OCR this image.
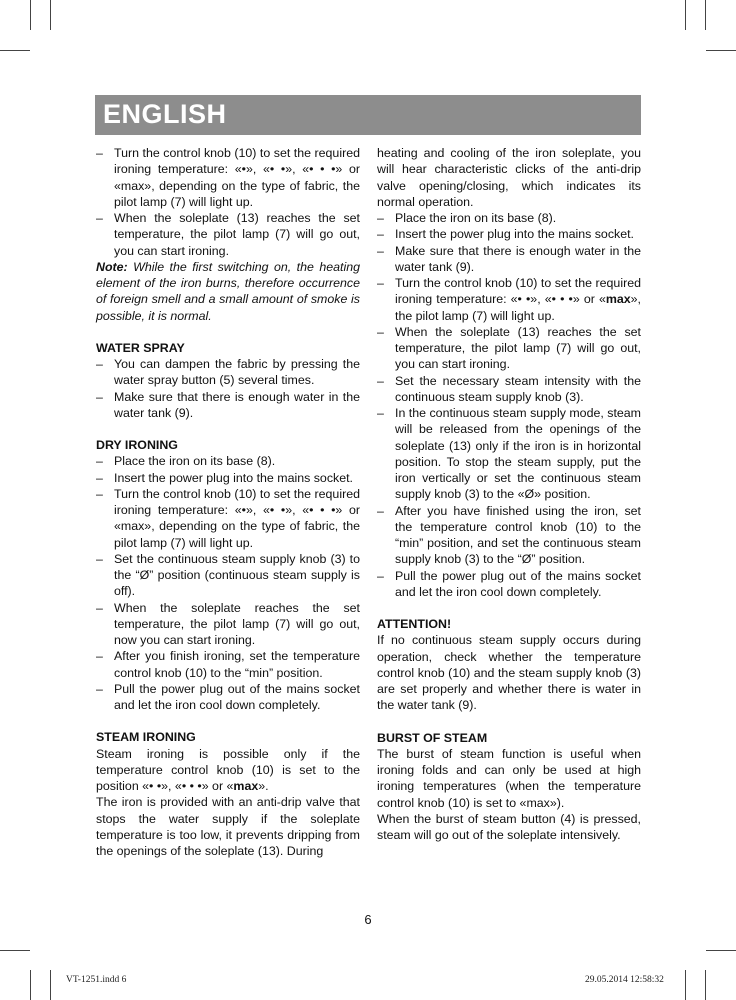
ENGLISH
– Turn the control knob (10) to set the required ironing temperature: «•», «• •», «• • •» or «max», depending on the type of fabric, the pilot lamp (7) will light up.
– When the soleplate (13) reaches the set temperature, the pilot lamp (7) will go out, you can start ironing.
Note: While the first switching on, the heating element of the iron burns, therefore occurrence of foreign smell and a small amount of smoke is possible, it is normal.
WATER SPRAY
– You can dampen the fabric by pressing the water spray button (5) several times.
– Make sure that there is enough water in the water tank (9).
DRY IRONING
– Place the iron on its base (8).
– Insert the power plug into the mains socket.
– Turn the control knob (10) to set the required ironing temperature: «•», «• •», «• • •» or «max», depending on the type of fabric, the pilot lamp (7) will light up.
– Set the continuous steam supply knob (3) to the “Ø” position (continuous steam supply is off).
– When the soleplate reaches the set temperature, the pilot lamp (7) will go out, now you can start ironing.
– After you finish ironing, set the temperature control knob (10) to the “min” position.
– Pull the power plug out of the mains socket and let the iron cool down completely.
STEAM IRONING
Steam ironing is possible only if the temperature control knob (10) is set to the position «• •», «• • •» or «max».
The iron is provided with an anti-drip valve that stops the water supply if the soleplate temperature is too low, it prevents dripping from the openings of the soleplate (13). During
heating and cooling of the iron soleplate, you will hear characteristic clicks of the anti-drip valve opening/closing, which indicates its normal operation.
– Place the iron on its base (8).
– Insert the power plug into the mains socket.
– Make sure that there is enough water in the water tank (9).
– Turn the control knob (10) to set the required ironing temperature: «• •», «• • •» or «max», the pilot lamp (7) will light up.
– When the soleplate (13) reaches the set temperature, the pilot lamp (7) will go out, you can start ironing.
– Set the necessary steam intensity with the continuous steam supply knob (3).
– In the continuous steam supply mode, steam will be released from the openings of the soleplate (13) only if the iron is in horizontal position. To stop the steam supply, put the iron vertically or set the continuous steam supply knob (3) to the «Ø» position.
– After you have finished using the iron, set the temperature control knob (10) to the “min” position, and set the continuous steam supply knob (3) to the “Ø” position.
– Pull the power plug out of the mains socket and let the iron cool down completely.
ATTENTION!
If no continuous steam supply occurs during operation, check whether the temperature control knob (10) and the steam supply knob (3) are set properly and whether there is water in the water tank (9).
BURST OF STEAM
The burst of steam function is useful when ironing folds and can only be used at high ironing temperatures (when the temperature control knob (10) is set to «max»).
When the burst of steam button (4) is pressed, steam will go out of the soleplate intensively.
6
VT-1251.indd 6	29.05.2014 12:58:32
